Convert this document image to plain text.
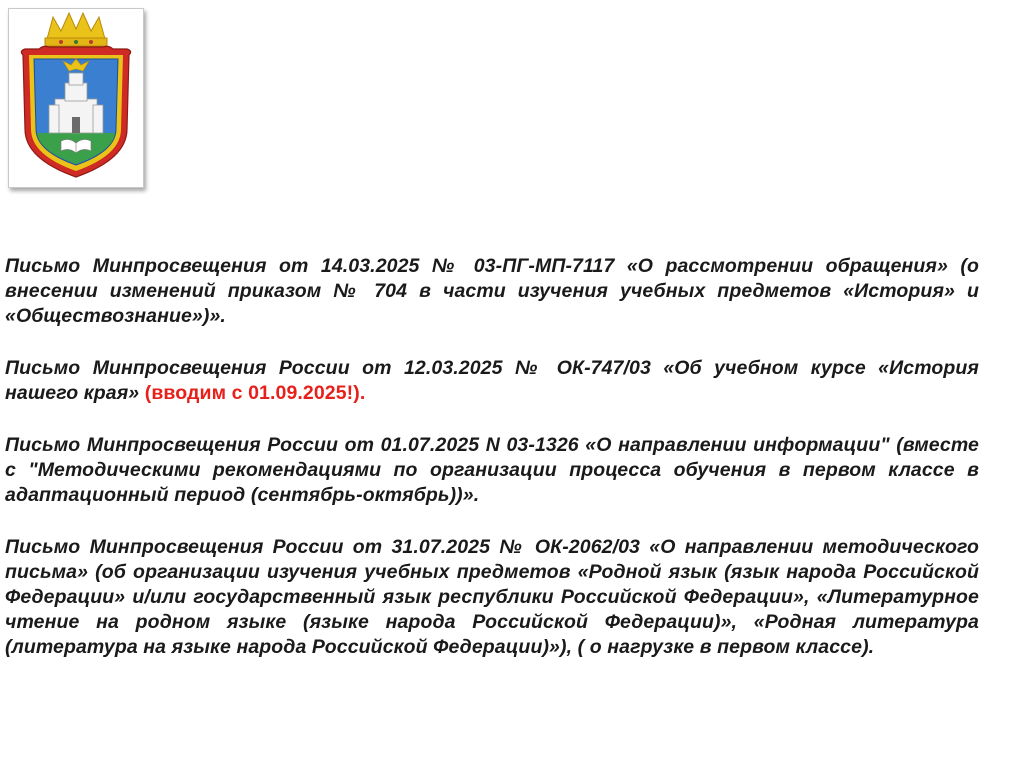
Письмо Минпросвещения от 14.03.2025 № 03-ПГ-МП-7117 «О рассмотрении обращения» (о внесении изменений приказом № 704 в части изучения учебных предметов «История» и «Обществознание»)».

Письмо Минпросвещения России от 12.03.2025 № ОК-747/03 «Об учебном курсе «История нашего края» (вводим с 01.09.2025!).

Письмо Минпросвещения России от 01.07.2025 N 03-1326 «О направлении информации" (вместе с "Методическими рекомендациями по организации процесса обучения в первом классе в адаптационный период (сентябрь-октябрь))».

Письмо Минпросвещения России от 31.07.2025 № ОК-2062/03 «О направлении методического письма» (об организации изучения учебных предметов «Родной язык (язык народа Российской Федерации» и/или государственный язык республики Российской Федерации», «Литературное чтение на родном языке (языке народа Российской Федерации)», «Родная литература (литература на языке народа Российской Федерации)»), ( о нагрузке в первом классе).
